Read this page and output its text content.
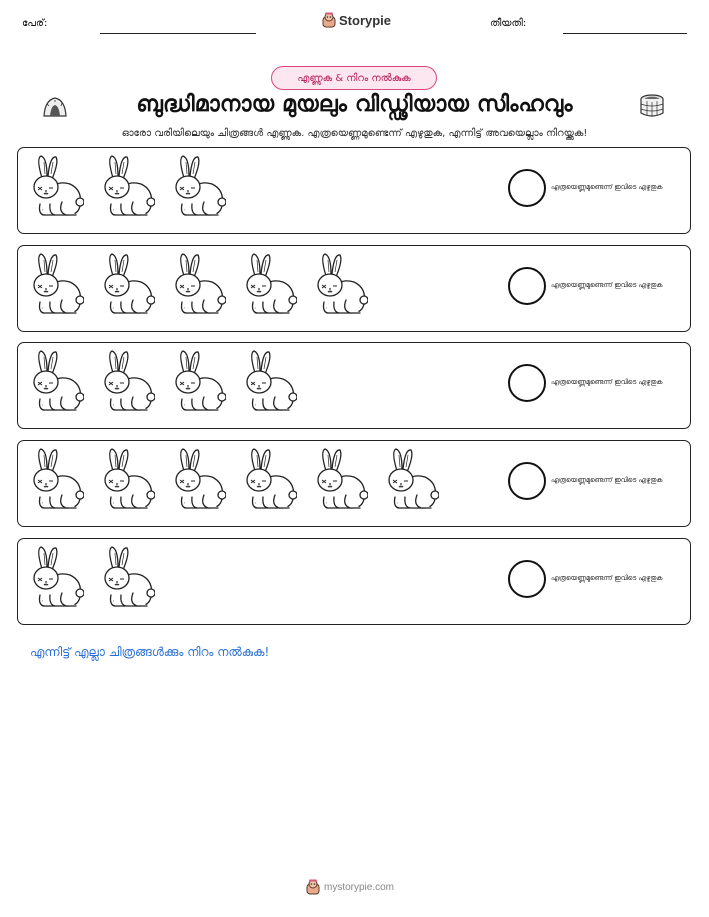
പേര്:	Storypie	തീയതി:
എണ്ണുക & നിറം നൽകുക
ബുദ്ധിമാനായ മുയലും വിഡ്ഢിയായ സിംഹവും
ഓരോ വരിയിലെയും ചിത്രങ്ങൾ എണ്ണുക. എത്രയെണ്ണമുണ്ടെന്ന് എഴുതുക, എന്നിട്ട് അവയെല്ലാം നിറയ്ക്കുക!
എത്രയെണ്ണമുണ്ടെന്ന് ഇവിടെ എഴുതുക
എത്രയെണ്ണമുണ്ടെന്ന് ഇവിടെ എഴുതുക
എത്രയെണ്ണമുണ്ടെന്ന് ഇവിടെ എഴുതുക
എത്രയെണ്ണമുണ്ടെന്ന് ഇവിടെ എഴുതുക
എത്രയെണ്ണമുണ്ടെന്ന് ഇവിടെ എഴുതുക
എന്നിട്ട് എല്ലാ ചിത്രങ്ങൾക്കും നിറം നൽകുക!
mystorypie.com
